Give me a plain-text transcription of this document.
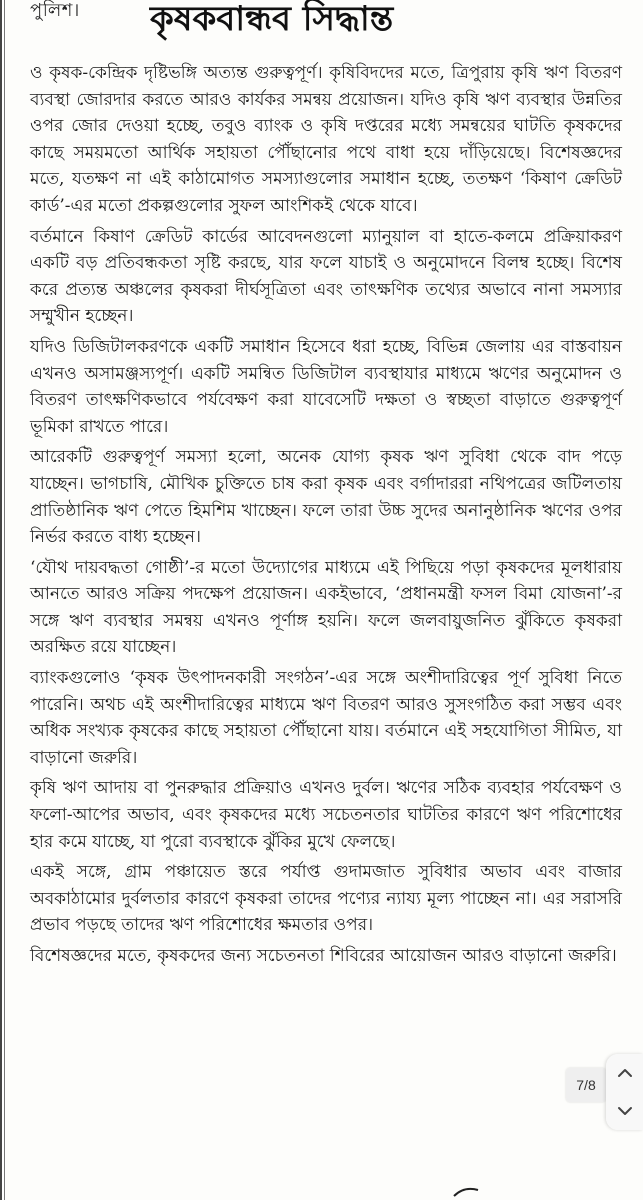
পুলিশ। কৃষকবান্ধব সিদ্ধান্ত

ও কৃষক-কেন্দ্রিক দৃষ্টিভঙ্গি অত্যন্ত গুরুত্বপূর্ণ। কৃষিবিদদের মতে, ত্রিপুরায় কৃষি ঋণ বিতরণ ব্যবস্থা জোরদার করতে আরও কার্যকর সমন্বয় প্রয়োজন। যদিও কৃষি ঋণ ব্যবস্থার উন্নতির ওপর জোর দেওয়া হচ্ছে, তবুও ব্যাংক ও কৃষি দপ্তরের মধ্যে সমন্বয়ের ঘাটতি কৃষকদের কাছে সময়মতো আর্থিক সহায়তা পৌঁছানোর পথে বাধা হয়ে দাঁড়িয়েছে। বিশেষজ্ঞদের মতে, যতক্ষণ না এই কাঠামোগত সমস্যাগুলোর সমাধান হচ্ছে, ততক্ষণ ‘কিষাণ ক্রেডিট কার্ড’-এর মতো প্রকল্পগুলোর সুফল আংশিকই থেকে যাবে।

বর্তমানে কিষাণ ক্রেডিট কার্ডের আবেদনগুলো ম্যানুয়াল বা হাতে-কলমে প্রক্রিয়াকরণ একটি বড় প্রতিবন্ধকতা সৃষ্টি করছে, যার ফলে যাচাই ও অনুমোদনে বিলম্ব হচ্ছে। বিশেষ করে প্রত্যন্ত অঞ্চলের কৃষকরা দীর্ঘসূত্রিতা এবং তাৎক্ষণিক তথ্যের অভাবে নানা সমস্যার সম্মুখীন হচ্ছেন।

যদিও ডিজিটালকরণকে একটি সমাধান হিসেবে ধরা হচ্ছে, বিভিন্ন জেলায় এর বাস্তবায়ন এখনও অসামঞ্জস্যপূর্ণ। একটি সমন্বিত ডিজিটাল ব্যবস্থাযার মাধ্যমে ঋণের অনুমোদন ও বিতরণ তাৎক্ষণিকভাবে পর্যবেক্ষণ করা যাবেসেটি দক্ষতা ও স্বচ্ছতা বাড়াতে গুরুত্বপূর্ণ ভূমিকা রাখতে পারে।

আরেকটি গুরুত্বপূর্ণ সমস্যা হলো, অনেক যোগ্য কৃষক ঋণ সুবিধা থেকে বাদ পড়ে যাচ্ছেন। ভাগচাষি, মৌখিক চুক্তিতে চাষ করা কৃষক এবং বর্গাদাররা নথিপত্রের জটিলতায় প্রাতিষ্ঠানিক ঋণ পেতে হিমশিম খাচ্ছেন। ফলে তারা উচ্চ সুদের অনানুষ্ঠানিক ঋণের ওপর নির্ভর করতে বাধ্য হচ্ছেন।

‘যৌথ দায়বদ্ধতা গোষ্ঠী’-র মতো উদ্যোগের মাধ্যমে এই পিছিয়ে পড়া কৃষকদের মূলধারায় আনতে আরও সক্রিয় পদক্ষেপ প্রয়োজন। একইভাবে, ‘প্রধানমন্ত্রী ফসল বিমা যোজনা’-র সঙ্গে ঋণ ব্যবস্থার সমন্বয় এখনও পূর্ণাঙ্গ হয়নি। ফলে জলবায়ুজনিত ঝুঁকিতে কৃষকরা অরক্ষিত রয়ে যাচ্ছেন।

ব্যাংকগুলোও ‘কৃষক উৎপাদনকারী সংগঠন’-এর সঙ্গে অংশীদারিত্বের পূর্ণ সুবিধা নিতে পারেনি। অথচ এই অংশীদারিত্বের মাধ্যমে ঋণ বিতরণ আরও সুসংগঠিত করা সম্ভব এবং অধিক সংখ্যক কৃষকের কাছে সহায়তা পৌঁছানো যায়। বর্তমানে এই সহযোগিতা সীমিত, যা বাড়ানো জরুরি।

কৃষি ঋণ আদায় বা পুনরুদ্ধার প্রক্রিয়াও এখনও দুর্বল। ঋণের সঠিক ব্যবহার পর্যবেক্ষণ ও ফলো-আপের অভাব, এবং কৃষকদের মধ্যে সচেতনতার ঘাটতির কারণে ঋণ পরিশোধের হার কমে যাচ্ছে, যা পুরো ব্যবস্থাকে ঝুঁকির মুখে ফেলছে।

একই সঙ্গে, গ্রাম পঞ্চায়েত স্তরে পর্যাপ্ত গুদামজাত সুবিধার অভাব এবং বাজার অবকাঠামোর দুর্বলতার কারণে কৃষকরা তাদের পণ্যের ন্যায্য মূল্য পাচ্ছেন না। এর সরাসরি প্রভাব পড়ছে তাদের ঋণ পরিশোধের ক্ষমতার ওপর।

বিশেষজ্ঞদের মতে, কৃষকদের জন্য সচেতনতা শিবিরের আয়োজন আরও বাড়ানো জরুরি।

7/8
